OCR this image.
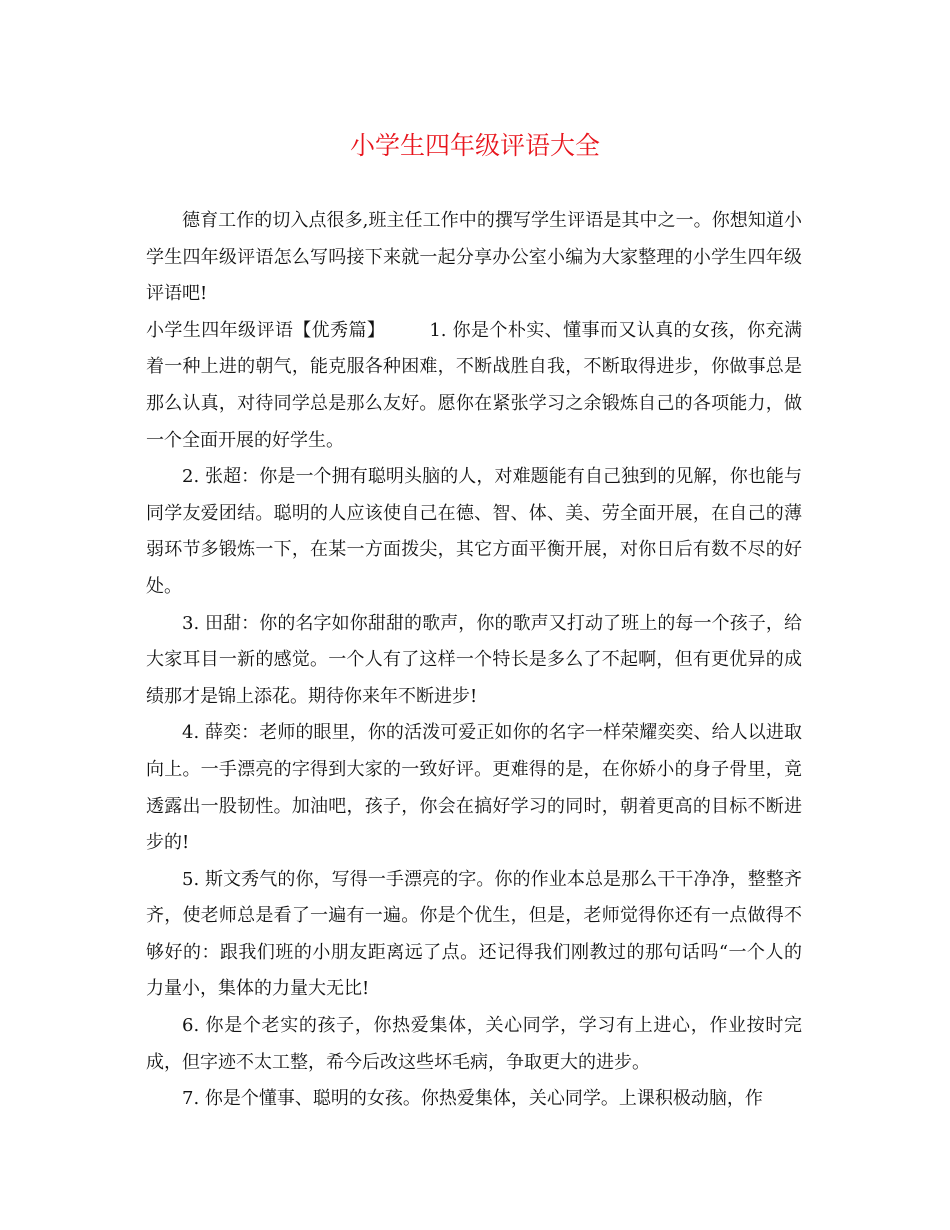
小学生四年级评语大全

德育工作的切入点很多,班主任工作中的撰写学生评语是其中之一。你想知道小学生四年级评语怎么写吗接下来就一起分享办公室小编为大家整理的小学生四年级评语吧!

小学生四年级评语【优秀篇】 1. 你是个朴实、懂事而又认真的女孩，你充满着一种上进的朝气，能克服各种困难，不断战胜自我，不断取得进步，你做事总是那么认真，对待同学总是那么友好。愿你在紧张学习之余锻炼自己的各项能力，做一个全面开展的好学生。

2. 张超：你是一个拥有聪明头脑的人，对难题能有自己独到的见解，你也能与同学友爱团结。聪明的人应该使自己在德、智、体、美、劳全面开展，在自己的薄弱环节多锻炼一下，在某一方面拨尖，其它方面平衡开展，对你日后有数不尽的好处。

3. 田甜：你的名字如你甜甜的歌声，你的歌声又打动了班上的每一个孩子，给大家耳目一新的感觉。一个人有了这样一个特长是多么了不起啊，但有更优异的成绩那才是锦上添花。期待你来年不断进步!

4. 薛奕：老师的眼里，你的活泼可爱正如你的名字一样荣耀奕奕、给人以进取向上。一手漂亮的字得到大家的一致好评。更难得的是，在你娇小的身子骨里，竟透露出一股韧性。加油吧，孩子，你会在搞好学习的同时，朝着更高的目标不断进步的!

5. 斯文秀气的你，写得一手漂亮的字。你的作业本总是那么干干净净，整整齐齐，使老师总是看了一遍有一遍。你是个优生，但是，老师觉得你还有一点做得不够好的：跟我们班的小朋友距离远了点。还记得我们刚教过的那句话吗“一个人的力量小，集体的力量大无比!

6. 你是个老实的孩子，你热爱集体，关心同学，学习有上进心，作业按时完成，但字迹不太工整，希今后改这些坏毛病，争取更大的进步。

7. 你是个懂事、聪明的女孩。你热爱集体，关心同学。上课积极动脑，作
